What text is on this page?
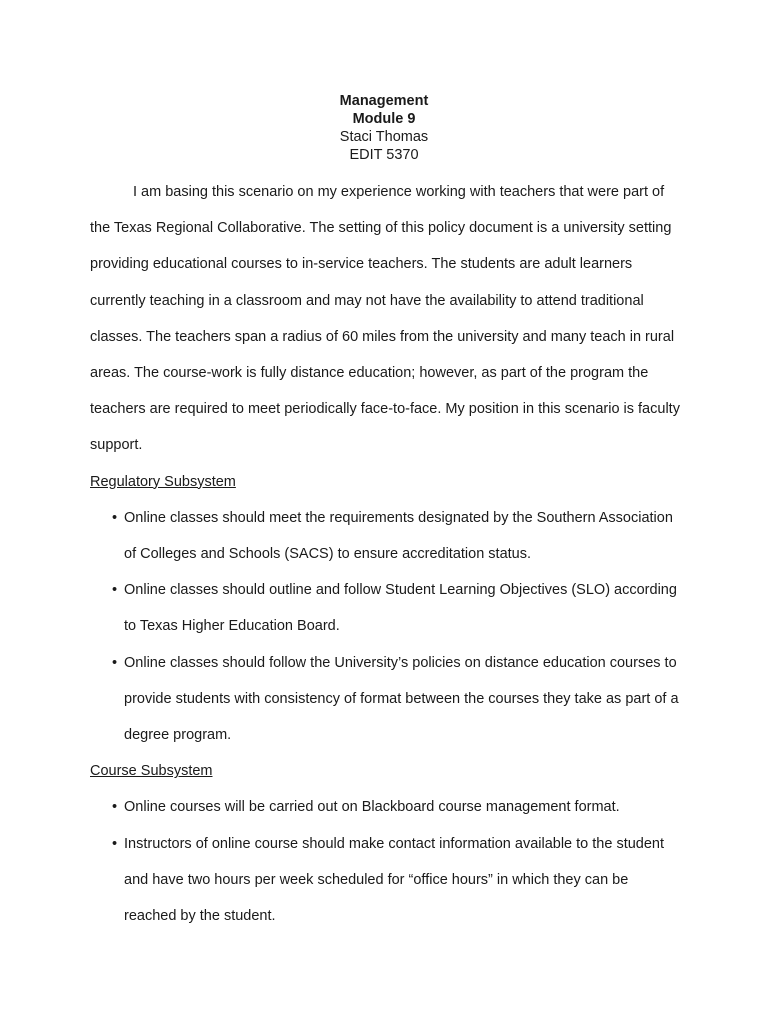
Management
Module 9
Staci Thomas
EDIT 5370

I am basing this scenario on my experience working with teachers that were part of the Texas Regional Collaborative. The setting of this policy document is a university setting providing educational courses to in-service teachers. The students are adult learners currently teaching in a classroom and may not have the availability to attend traditional classes. The teachers span a radius of 60 miles from the university and many teach in rural areas. The course-work is fully distance education; however, as part of the program the teachers are required to meet periodically face-to-face. My position in this scenario is faculty support.

Regulatory Subsystem

• Online classes should meet the requirements designated by the Southern Association of Colleges and Schools (SACS) to ensure accreditation status.
• Online classes should outline and follow Student Learning Objectives (SLO) according to Texas Higher Education Board.
• Online classes should follow the University’s policies on distance education courses to provide students with consistency of format between the courses they take as part of a degree program.

Course Subsystem

• Online courses will be carried out on Blackboard course management format.
• Instructors of online course should make contact information available to the student and have two hours per week scheduled for “office hours” in which they can be reached by the student.
